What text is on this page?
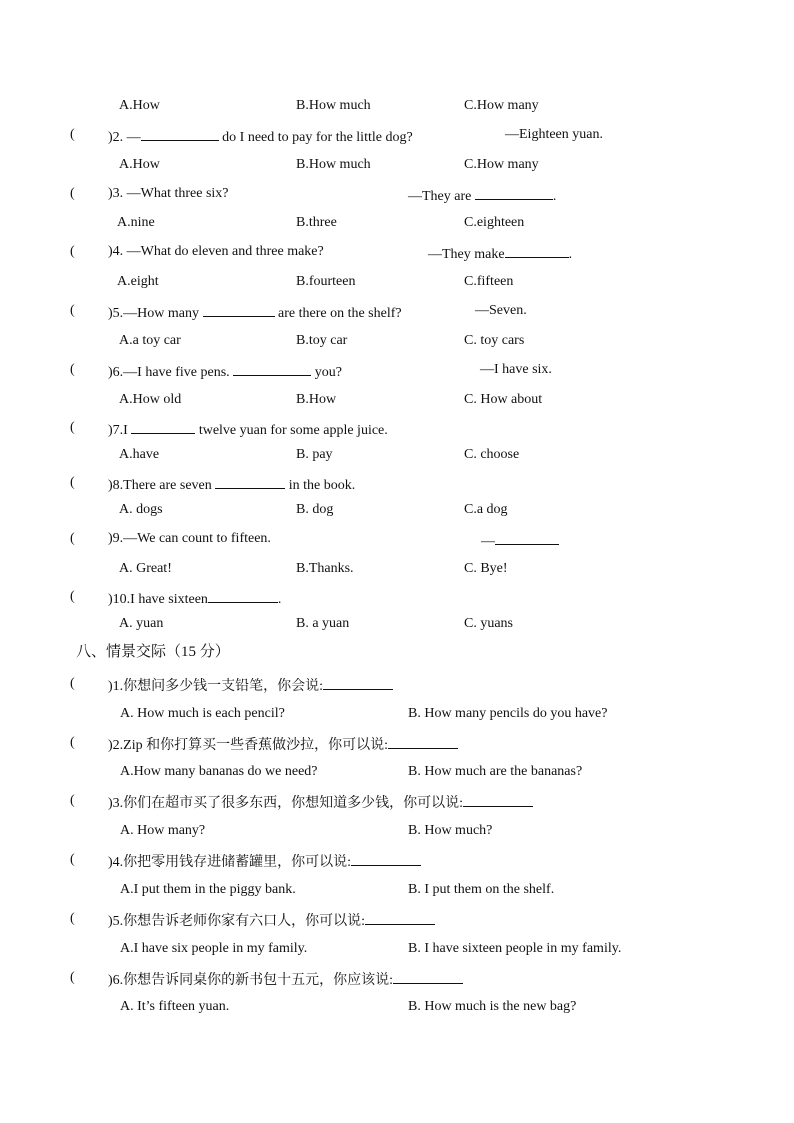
A.How	B.How much	C.How many
( )2. —	do I need to pay for the little dog?	—Eighteen yuan.
A.How	B.How much	C.How many
( )3. —What three six?	—They are	.
A.nine	B.three	C.eighteen
( )4. —What do eleven and three make?	—They make	.
A.eight	B.fourteen	C.fifteen
( )5.—How many	are there on the shelf?	—Seven.
A.a toy car	B.toy car	C. toy cars
( )6.—I have five pens.	you?	—I have six.
A.How old	B.How	C. How about
( )7.I	twelve yuan for some apple juice.
A.have	B. pay	C. choose
( )8.There are seven	in the book.
A. dogs	B. dog	C.a dog
( )9.—We can count to fifteen.	—
A. Great!	B.Thanks.	C. Bye!
( )10.I have sixteen	.
A. yuan	B. a yuan	C. yuans
八、情景交际（15 分）
( )1.你想问多少钱一支铅笔，你会说:
A. How much is each pencil?	B. How many pencils do you have?
( )2.Zip 和你打算买一些香蕉做沙拉，你可以说:
A.How many bananas do we need?	B. How much are the bananas?
( )3.你们在超市买了很多东西，你想知道多少钱，你可以说:
A. How many?	B. How much?
( )4.你把零用钱存进储蓄罐里，你可以说:
A.I put them in the piggy bank.	B. I put them on the shelf.
( )5.你想告诉老师你家有六口人，你可以说:
A.I have six people in my family.	B. I have sixteen people in my family.
( )6.你想告诉同桌你的新书包十五元，你应该说:
A. It’s fifteen yuan.	B. How much is the new bag?
